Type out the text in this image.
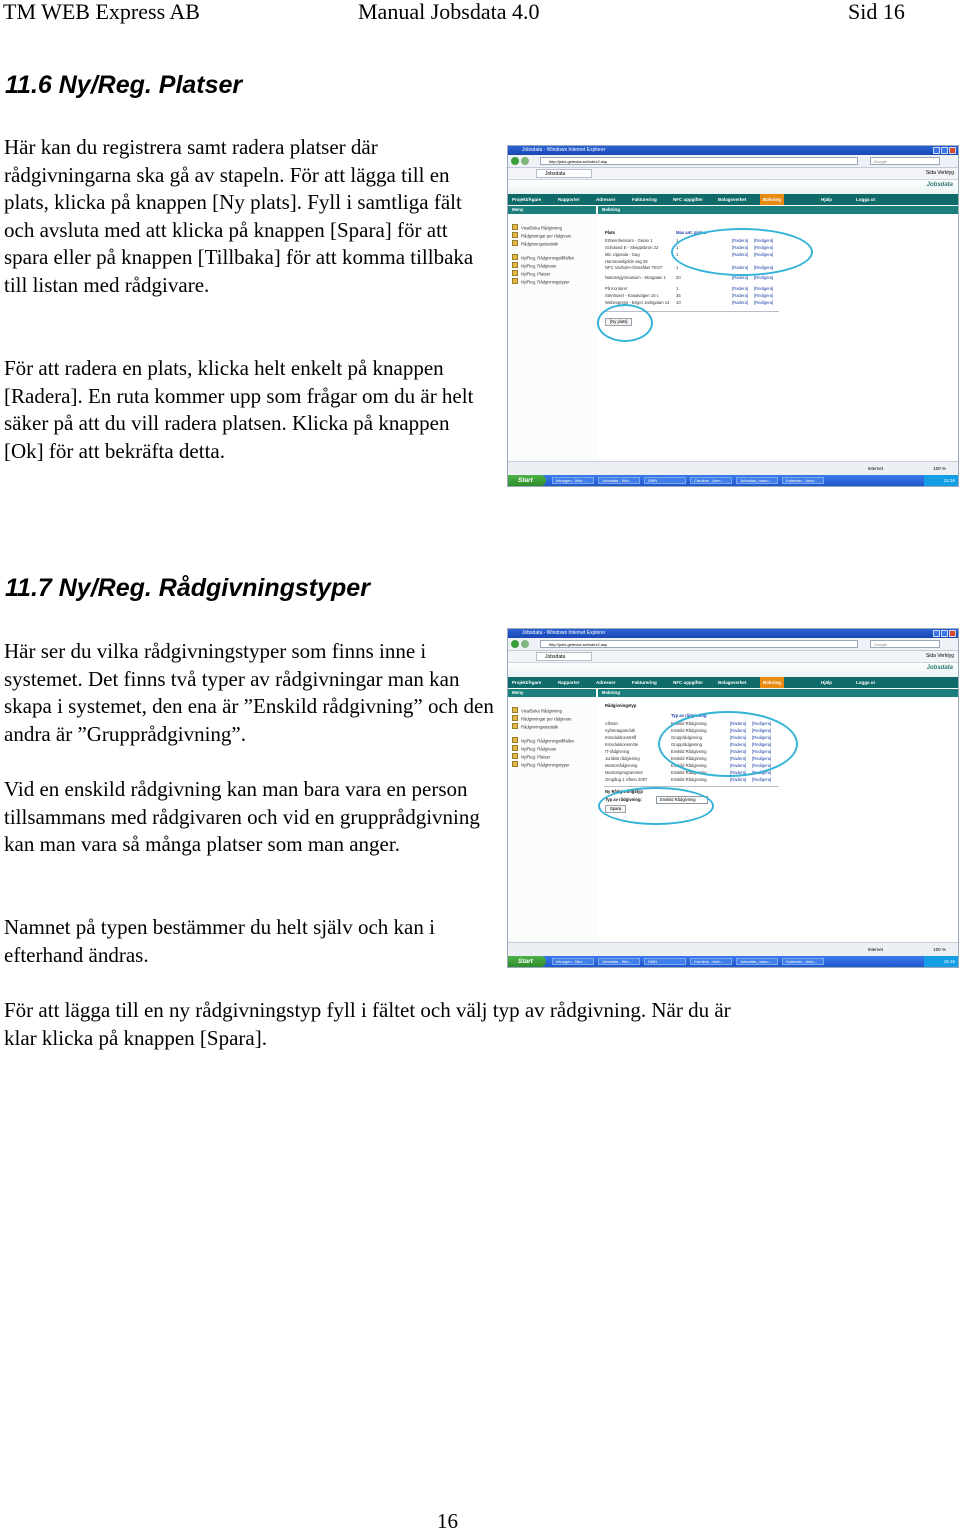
TM WEB Express AB	Manual Jobsdata 4.0	Sid 16
11.6 Ny/Reg. Platser

Här kan du registrera samt radera platser där rådgivningarna ska gå av stapeln. För att lägga till en plats, klicka på knappen [Ny plats]. Fyll i samtliga fält och avsluta med att klicka på knappen [Spara] för att spara eller på knappen [Tillbaka] för att komma tillbaka till listan med rådgivare.

För att radera en plats, klicka helt enkelt på knappen [Radera]. En ruta kommer upp som frågar om du är helt säker på att du vill radera platsen. Klicka på knappen [Ok] för att bekräfta detta.

Jobsdata - Windows Internet Explorer
http://jobs.getecka.se/index2.asp	Google
Jobsdata	Sida Verktyg
Jobsdata
Projekt/Ägare	Rapporter	Adresser	Fakturering	NFC uppgifter	Bolagsverket	Bokning	Hjälp	Logga ut
Meny	Bokning
Visa/Boka Rådgivning
Rådgivningar per rådgivare
Rådgivningsstatistik
Ny/Reg. Rådgivningstillfällen
Ny/Reg. Rådgivare
Ny/Reg. Platser
Ny/Reg. Rådgivningstyper
Plats	Max ant. platser
Erfarenhetsrum - Getan 1	1	[Radera] [Redigera]
Scholand E - Skeppsbron 22	1	[Radera] [Redigera]
Mic Uppsala - Gag	1	[Radera] [Redigera]
Hammarskjölds väg 28
NFC Vaxholm-Österåker TEST	1	[Radera] [Redigera]
Nationsgymnasium - Storgatan 1 20	[Radera] [Redigera]
På Kontoret	1	[Radera] [Redigera]
Stenhuset - Kanalvägen 15 c	35	[Radera] [Redigera]
Webexpress - Birger Jarlsgatan 14 10	[Radera] [Redigera]
[Ny plats]
Internet	100 %
Start	Inkorgen - Micr...	Jobsdata - Win...	DMN	Caroline - Anm...	Jobsdata_manu...	Kalender - Anta...	15:16
11.7 Ny/Reg. Rådgivningstyper

Här ser du vilka rådgivningstyper som finns inne i systemet. Det finns två typer av rådgivningar man kan skapa i systemet, den ena är ”Enskild rådgivning” och den andra är ”Grupprådgivning”.

Vid en enskild rådgivning kan man bara vara en person tillsammans med rådgivaren och vid en grupprådgivning kan man vara så många platser som man anger.

Namnet på typen bestämmer du helt själv och kan i efterhand ändras.

För att lägga till en ny rådgivningstyp fyll i fältet och välj typ av rådgivning. När du är klar klicka på knappen [Spara].

Jobsdata - Windows Internet Explorer
http://jobs.getecka.se/index2.asp	Google
Jobsdata	Sida Verktyg
Jobsdata
Projekt/Ägare	Rapporter	Adresser	Fakturering	NFC uppgifter	Bolagsverket	Bokning	Hjälp	Logga ut
Meny	Bokning
Visa/Boka Rådgivning
Rådgivningar per rådgivare
Rådgivningsstatistik
Ny/Reg. Rådgivningstillfällen
Ny/Reg. Rådgivare
Ny/Reg. Platser
Ny/Reg. Rådgivningstyper
Rådgivningstyp
Typ av rådgivning
Allmän	Enskild Rådgivning	[Radera] [Redigera]
nyföretagare/idé	Enskild Rådgivning	[Radera] [Redigera]
Introduktionsträff	Grupprådgivning	[Radera] [Redigera]
Introduktionsmöte	Grupprådgivning	[Radera] [Redigera]
IT-rådgivning	Enskild Rådgivning	[Radera] [Redigera]
Juridisk rådgivning	Enskild Rådgivning	[Radera] [Redigera]
Mentorrådgivning	Enskild Rådgivning	[Radera] [Redigera]
Mentorsprogrammet	Enskild Rådgivning	[Radera] [Redigera]
Omgång 1 Våren 2007	Enskild Rådgivning	[Radera] [Redigera]
Ny Rådgivningstyp
Typ av rådgivning:	Enskild Rådgivning
Spara
Internet	100 %
Start	Inkorgen - Micr...	Jobsdata - Win...	DMN	Caroline - Anm...	Jobsdata_manu...	Kalender - Anta...	15:16
16
